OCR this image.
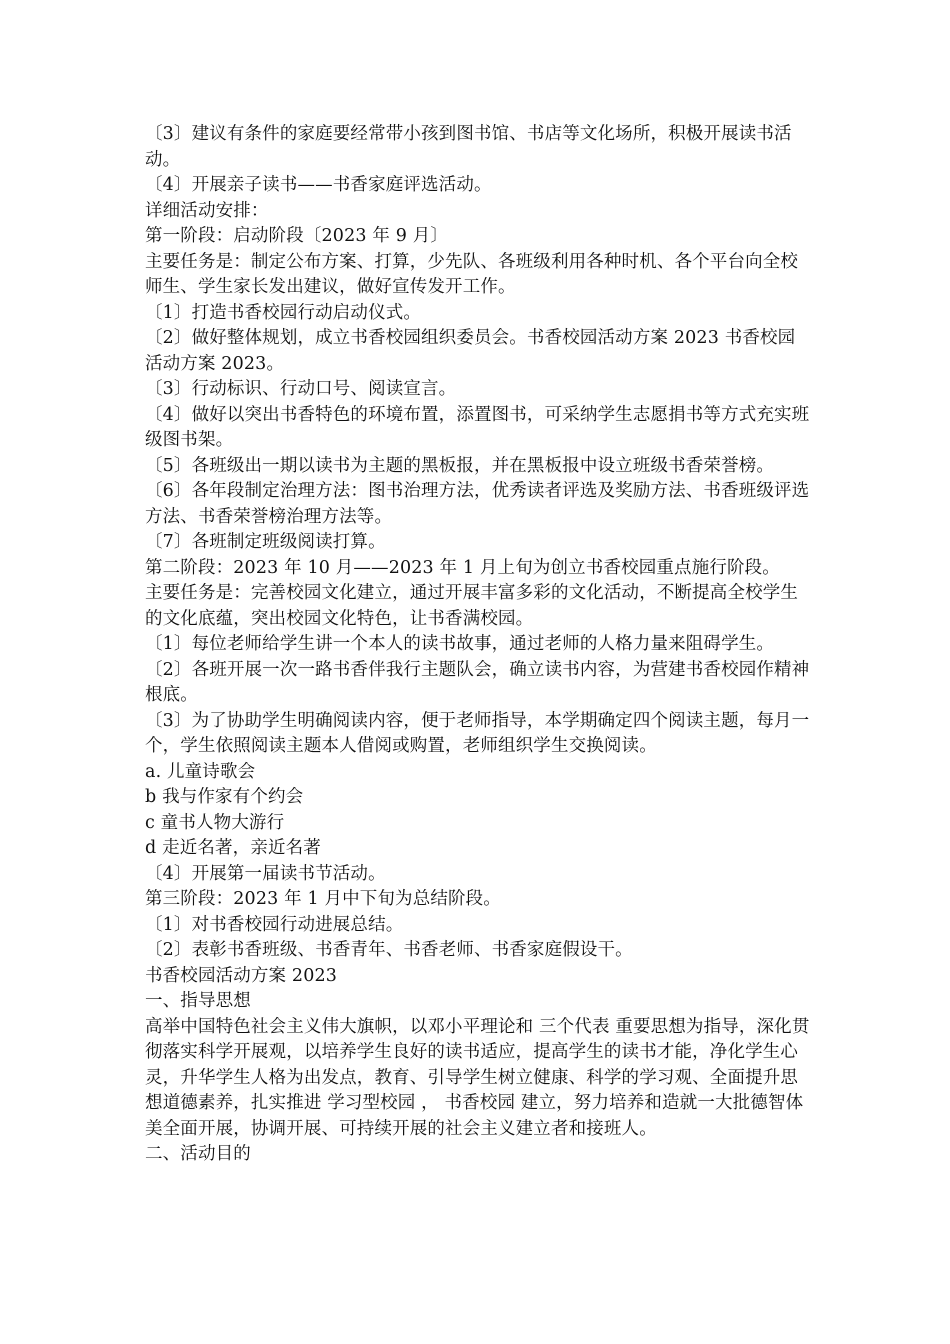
〔3〕建议有条件的家庭要经常带小孩到图书馆、书店等文化场所，积极开展读书活动。

〔4〕开展亲子读书——书香家庭评选活动。

详细活动安排：

第一阶段：启动阶段〔2023 年 9 月〕

主要任务是：制定公布方案、打算，少先队、各班级利用各种时机、各个平台向全校师生、学生家长发出建议，做好宣传发开工作。

〔1〕打造书香校园行动启动仪式。

〔2〕做好整体规划，成立书香校园组织委员会。书香校园活动方案 2023 书香校园活动方案 2023。

〔3〕行动标识、行动口号、阅读宣言。

〔4〕做好以突出书香特色的环境布置，添置图书，可采纳学生志愿捐书等方式充实班级图书架。

〔5〕各班级出一期以读书为主题的黑板报，并在黑板报中设立班级书香荣誉榜。

〔6〕各年段制定治理方法：图书治理方法，优秀读者评选及奖励方法、书香班级评选方法、书香荣誉榜治理方法等。

〔7〕各班制定班级阅读打算。

第二阶段：2023 年 10 月——2023 年 1 月上旬为创立书香校园重点施行阶段。

主要任务是：完善校园文化建立，通过开展丰富多彩的文化活动，不断提高全校学生的文化底蕴，突出校园文化特色，让书香满校园。

〔1〕每位老师给学生讲一个本人的读书故事，通过老师的人格力量来阻碍学生。

〔2〕各班开展一次一路书香伴我行主题队会，确立读书内容，为营建书香校园作精神根底。

〔3〕为了协助学生明确阅读内容，便于老师指导，本学期确定四个阅读主题，每月一个，学生依照阅读主题本人借阅或购置，老师组织学生交换阅读。

a. 儿童诗歌会

b 我与作家有个约会

c 童书人物大游行

d 走近名著，亲近名著

〔4〕开展第一届读书节活动。

第三阶段：2023 年 1 月中下旬为总结阶段。

〔1〕对书香校园行动进展总结。

〔2〕表彰书香班级、书香青年、书香老师、书香家庭假设干。

书香校园活动方案 2023

一、指导思想

高举中国特色社会主义伟大旗帜，以邓小平理论和 三个代表 重要思想为指导，深化贯彻落实科学开展观，以培养学生良好的读书适应，提高学生的读书才能，净化学生心灵，升华学生人格为出发点，教育、引导学生树立健康、科学的学习观、全面提升思想道德素养，扎实推进 学习型校园 ， 书香校园 建立，努力培养和造就一大批德智体美全面开展，协调开展、可持续开展的社会主义建立者和接班人。

二、活动目的
